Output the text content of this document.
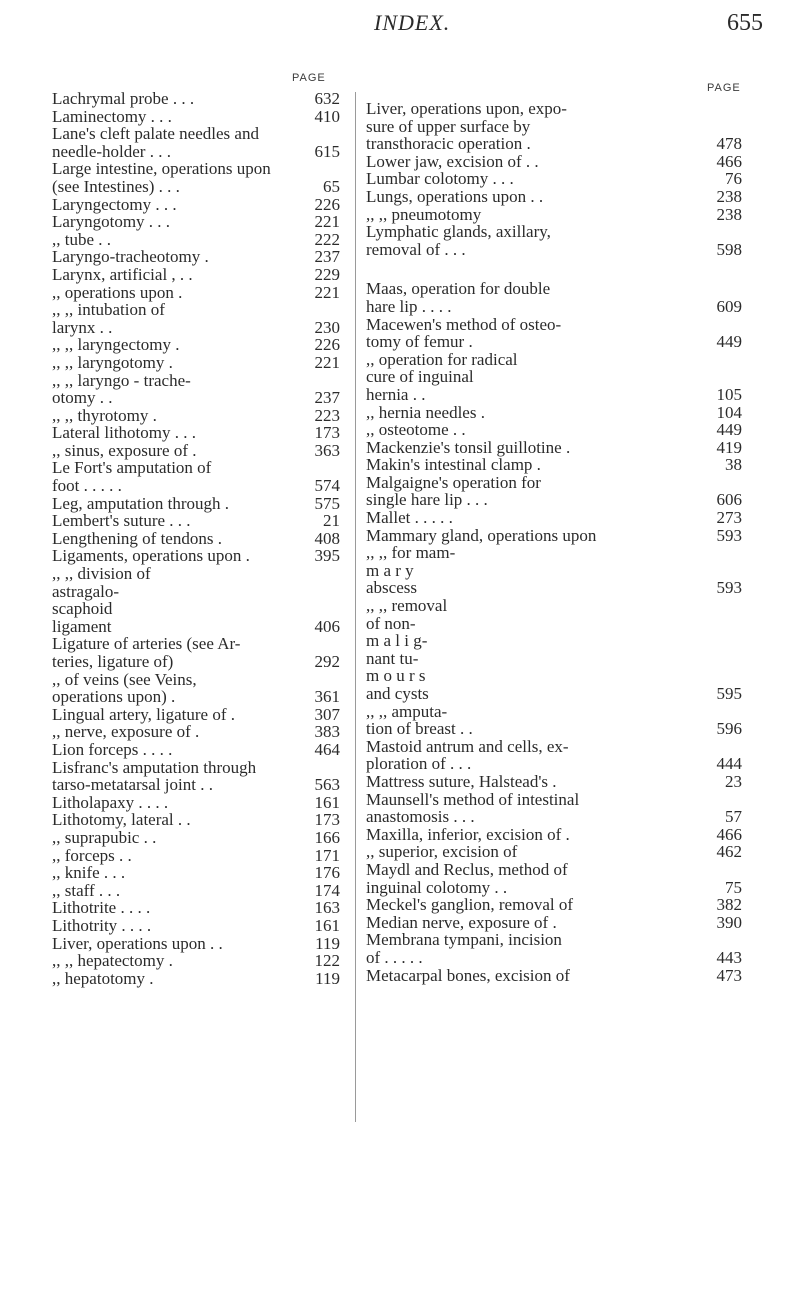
INDEX.	655
PAGE
PAGE
Lachrymal probe . . .	632
Laminectomy . . .	410
Lane's cleft palate needles and
needle-holder . . .	615
Large intestine, operations upon
(see Intestines) . . .	65
Laryngectomy . . .	226
Laryngotomy . . .	221
,, tube . .	222
Laryngo-tracheotomy .	237
Larynx, artificial , . .	229
,, operations upon .	221
,, ,, intubation of
larynx . .	230
,, ,, laryngectomy .	226
,, ,, laryngotomy .	221
,, ,, laryngo - trache-
otomy . .	237
,, ,, thyrotomy .	223
Lateral lithotomy . . .	173
,, sinus, exposure of .	363
Le Fort's amputation of
foot . . . . .	574
Leg, amputation through .	575
Lembert's suture . . .	21
Lengthening of tendons .	408
Ligaments, operations upon .	395
,, ,, division of
astragalo-
scaphoid
ligament	406
Ligature of arteries (see Ar-
teries, ligature of)	292
,, of veins (see Veins,
operations upon) .	361
Lingual artery, ligature of .	307
,, nerve, exposure of .	383
Lion forceps . . . .	464
Lisfranc's amputation through
tarso-metatarsal joint . .	563
Litholapaxy . . . .	161
Lithotomy, lateral . .	173
,, suprapubic . .	166
,, forceps . .	171
,, knife . . .	176
,, staff . . .	174
Lithotrite . . . .	163
Lithotrity . . . .	161
Liver, operations upon . .	119
,, ,, hepatectomy .	122
,, hepatotomy .	119
Liver, operations upon, expo-
sure of upper surface by
transthoracic operation .	478
Lower jaw, excision of . .	466
Lumbar colotomy . . .	76
Lungs, operations upon . .	238
,, ,, pneumotomy	238
Lymphatic glands, axillary,
removal of . . .	598
Maas, operation for double
hare lip . . . .	609
Macewen's method of osteo-
tomy of femur .	449
,, operation for radical
cure of inguinal
hernia . .	105
,, hernia needles .	104
,, osteotome . .	449
Mackenzie's tonsil guillotine .	419
Makin's intestinal clamp .	38
Malgaigne's operation for
single hare lip . . .	606
Mallet . . . . .	273
Mammary gland, operations upon	593
,, ,, for mam-
m a r y
abscess	593
,, ,, removal
of non-
m a l i g-
nant tu-
m o u r s
and cysts	595
,, ,, amputa-
tion of breast . .	596
Mastoid antrum and cells, ex-
ploration of . . .	444
Mattress suture, Halstead's .	23
Maunsell's method of intestinal
anastomosis . . .	57
Maxilla, inferior, excision of .	466
,, superior, excision of	462
Maydl and Reclus, method of
inguinal colotomy . .	75
Meckel's ganglion, removal of	382
Median nerve, exposure of .	390
Membrana tympani, incision
of . . . . .	443
Metacarpal bones, excision of	473
